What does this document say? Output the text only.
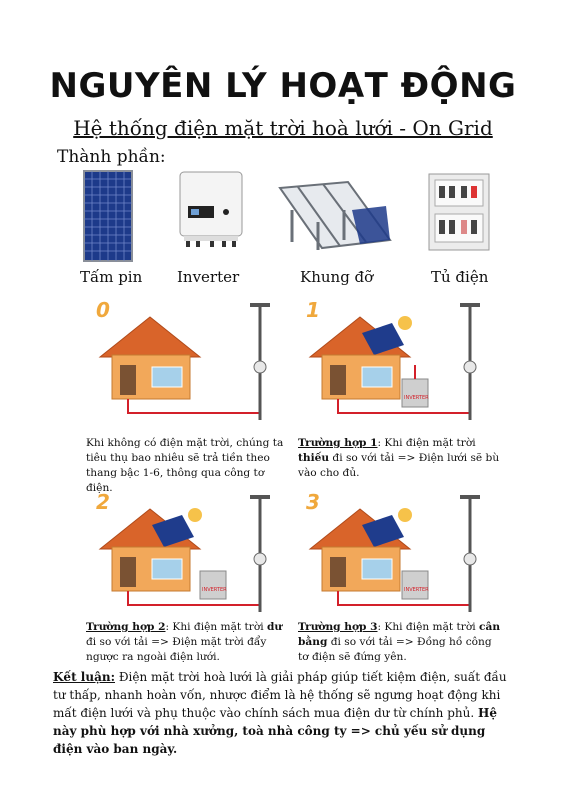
NGUYÊN LÝ HOẠT ĐỘNG
Hệ thống điện mặt trời hoà lưới - On Grid
Thành phần:
Tấm pin Inverter	Khung đỡ	Tủ điện
0	1
INVERTER
2
INVERTER
3
INVERTER
Khi không có điện mặt trời, chúng ta tiêu thụ bao nhiêu sẽ trả tiền theo thang bậc 1-6, thông qua công tơ điện.
Trường hợp 1: Khi điện mặt trời thiếu đi so với tải => Điện lưới sẽ bù vào cho đủ.
Trường hợp 2: Khi điện mặt trời dư đi so với tải => Điện mặt trời đẩy ngược ra ngoài điện lưới.
Trường hợp 3: Khi điện mặt trời cân bằng đi so với tải => Đồng hồ công tơ điện sẽ đứng yên.
Kết luận: Điện mặt trời hoà lưới là giải pháp giúp tiết kiệm điện, suất đầu tư thấp, nhanh hoàn vốn, nhược điểm là hệ thống sẽ ngưng hoạt động khi mất điện lưới và phụ thuộc vào chính sách mua điện dư từ chính phủ. Hệ này phù hợp với nhà xưởng, toà nhà công ty => chủ yếu sử dụng điện vào ban ngày.
